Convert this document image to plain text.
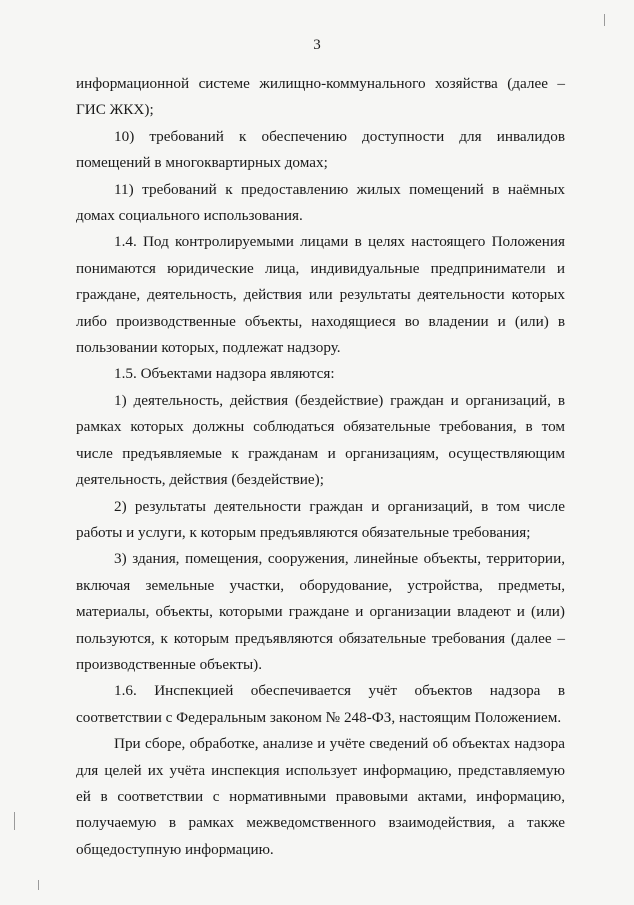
3

информационной системе жилищно-коммунального хозяйства (далее – ГИС ЖКХ);

10) требований к обеспечению доступности для инвалидов помещений в многоквартирных домах;

11) требований к предоставлению жилых помещений в наёмных домах социального использования.

1.4. Под контролируемыми лицами в целях настоящего Положения понимаются юридические лица, индивидуальные предприниматели и граждане, деятельность, действия или результаты деятельности которых либо производственные объекты, находящиеся во владении и (или) в пользовании которых, подлежат надзору.

1.5. Объектами надзора являются:

1) деятельность, действия (бездействие) граждан и организаций, в рамках которых должны соблюдаться обязательные требования, в том числе предъявляемые к гражданам и организациям, осуществляющим деятельность, действия (бездействие);

2) результаты деятельности граждан и организаций, в том числе работы и услуги, к которым предъявляются обязательные требования;

3) здания, помещения, сооружения, линейные объекты, территории, включая земельные участки, оборудование, устройства, предметы, материалы, объекты, которыми граждане и организации владеют и (или) пользуются, к которым предъявляются обязательные требования (далее – производственные объекты).

1.6. Инспекцией обеспечивается учёт объектов надзора в соответствии с Федеральным законом № 248-ФЗ, настоящим Положением.

При сборе, обработке, анализе и учёте сведений об объектах надзора для целей их учёта инспекция использует информацию, представляемую ей в соответствии с нормативными правовыми актами, информацию, получаемую в рамках межведомственного взаимодействия, а также общедоступную информацию.
